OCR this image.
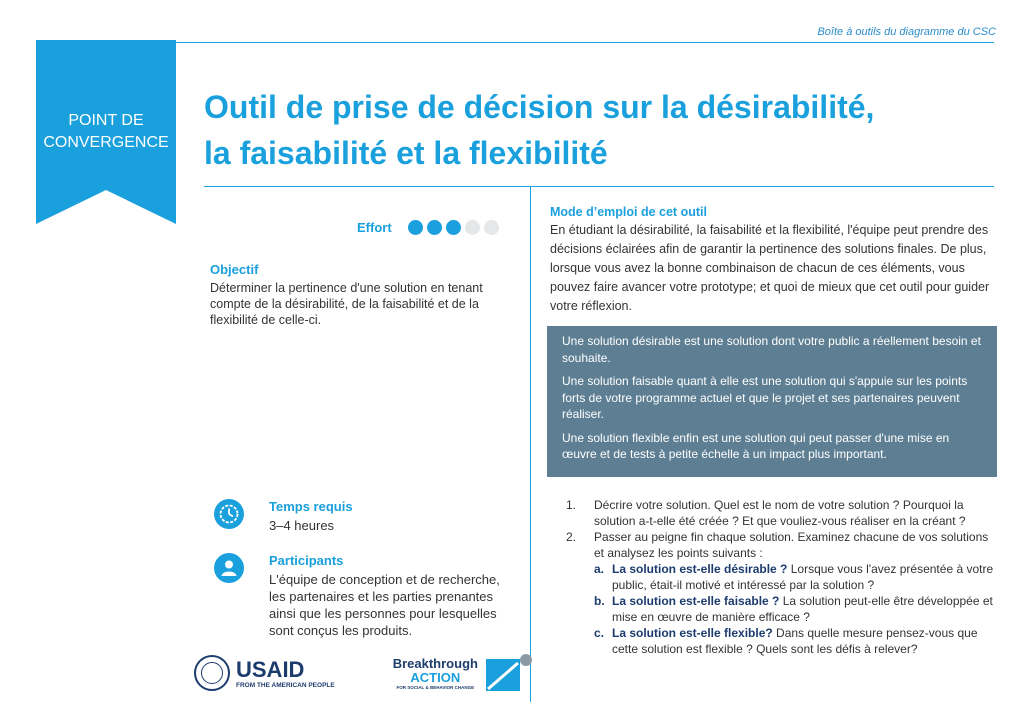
Boîte à outils du diagramme du CSC
POINT DE
CONVERGENCE
Outil de prise de décision sur la désirabilité,
la faisabilité et la flexibilité
Effort
Objectif
Déterminer la pertinence d'une solution en tenant compte de la désirabilité, de la faisabilité et de la flexibilité de celle-ci.
Temps requis
3–4 heures
Participants
L'équipe de conception et de recherche, les partenaires et les parties prenantes ainsi que les personnes pour lesquelles sont conçus les produits.
USAID
FROM THE AMERICAN PEOPLE
Breakthrough
ACTION
FOR SOCIAL & BEHAVIOR CHANGE
Mode d’emploi de cet outil
En étudiant la désirabilité, la faisabilité et la flexibilité, l'équipe peut prendre des décisions éclairées afin de garantir la pertinence des solutions finales. De plus, lorsque vous avez la bonne combinaison de chacun de ces éléments, vous pouvez faire avancer votre prototype; et quoi de mieux que cet outil pour guider votre réflexion.

Une solution désirable est une solution dont votre public a réellement besoin et souhaite.

Une solution faisable quant à elle est une solution qui s'appuie sur les points forts de votre programme actuel et que le projet et ses partenaires peuvent réaliser.

Une solution flexible enfin est une solution qui peut passer d'une mise en œuvre et de tests à petite échelle à un impact plus important.

1.	Décrire votre solution. Quel est le nom de votre solution ? Pourquoi la solution a-t-elle été créée ? Et que vouliez-vous réaliser en la créant ?
2.	Passer au peigne fin chaque solution. Examinez chacune de vos solutions et analysez les points suivants :
a. La solution est-elle désirable ? Lorsque vous l'avez présentée à votre public, était-il motivé et intéressé par la solution ?
b. La solution est-elle faisable ? La solution peut-elle être développée et mise en œuvre de manière efficace ?
c. La solution est-elle flexible? Dans quelle mesure pensez-vous que cette solution est flexible ? Quels sont les défis à relever?
